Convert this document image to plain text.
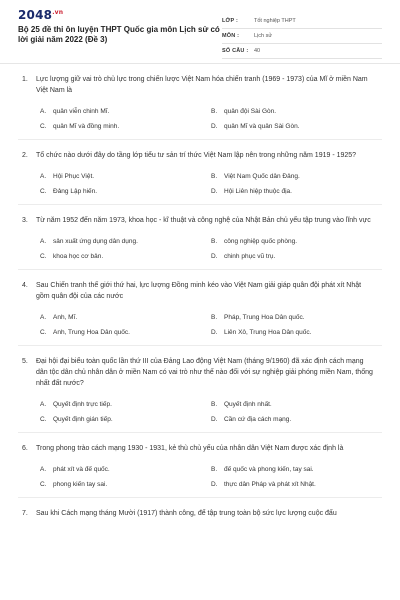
$2048^{.vn}$
Bộ 25 đề thi ôn luyện THPT Quốc gia môn Lịch sử có lời giải năm 2022 (Đề 3)
LỚP :	Tốt nghiệp THPT
MÔN :	Lịch sử
SỐ CÂU :	40
1.	Lực lượng giữ vai trò chủ lực trong chiến lược Việt Nam hóa chiến tranh (1969 - 1973) của Mĩ ở miền Nam Việt Nam là
A.	quân viễn chinh Mĩ.	B.	quân đội Sài Gòn.
C.	quân Mĩ và đồng minh.	D.	quân Mĩ và quân Sài Gòn.
2.	Tổ chức nào dưới đây do tầng lớp tiểu tư sản trí thức Việt Nam lập nên trong những năm 1919 - 1925?
A.	Hội Phục Việt.	B.	Việt Nam Quốc dân Đảng.
C.	Đảng Lập hiến.	D.	Hội Liên hiệp thuộc địa.
3.	Từ năm 1952 đến năm 1973, khoa học - kĩ thuật và công nghệ của Nhật Bản chủ yếu tập trung vào lĩnh vực
A.	sản xuất ứng dụng dân dụng.	B.	công nghiệp quốc phòng.
C.	khoa học cơ bản.	D.	chinh phục vũ trụ.
4.	Sau Chiến tranh thế giới thứ hai, lực lượng Đồng minh kéo vào Việt Nam giải giáp quân đội phát xít Nhật gồm quân đội của các nước
A.	Anh, Mĩ.	B.	Pháp, Trung Hoa Dân quốc.
C.	Anh, Trung Hoa Dân quốc.	D.	Liên Xô, Trung Hoa Dân quốc.
5.	Đại hội đại biểu toàn quốc lần thứ III của Đảng Lao động Việt Nam (tháng 9/1960) đã xác định cách mạng dân tộc dân chủ nhân dân ở miền Nam có vai trò như thế nào đối với sự nghiệp giải phóng miền Nam, thống nhất đất nước?
A.	Quyết định trực tiếp.	B.	Quyết định nhất.
C.	Quyết định gián tiếp.	D.	Cần cứ địa cách mạng.
6.	Trong phong trào cách mạng 1930 - 1931, kẻ thù chủ yếu của nhân dân Việt Nam được xác định là
A.	phát xít và đế quốc.	B.	đế quốc và phong kiến, tay sai.
C.	phong kiến tay sai.	D.	thực dân Pháp và phát xít Nhật.
7.	Sau khi Cách mạng tháng Mười (1917) thành công, để tập trung toàn bộ sức lực lượng cuộc đấu
